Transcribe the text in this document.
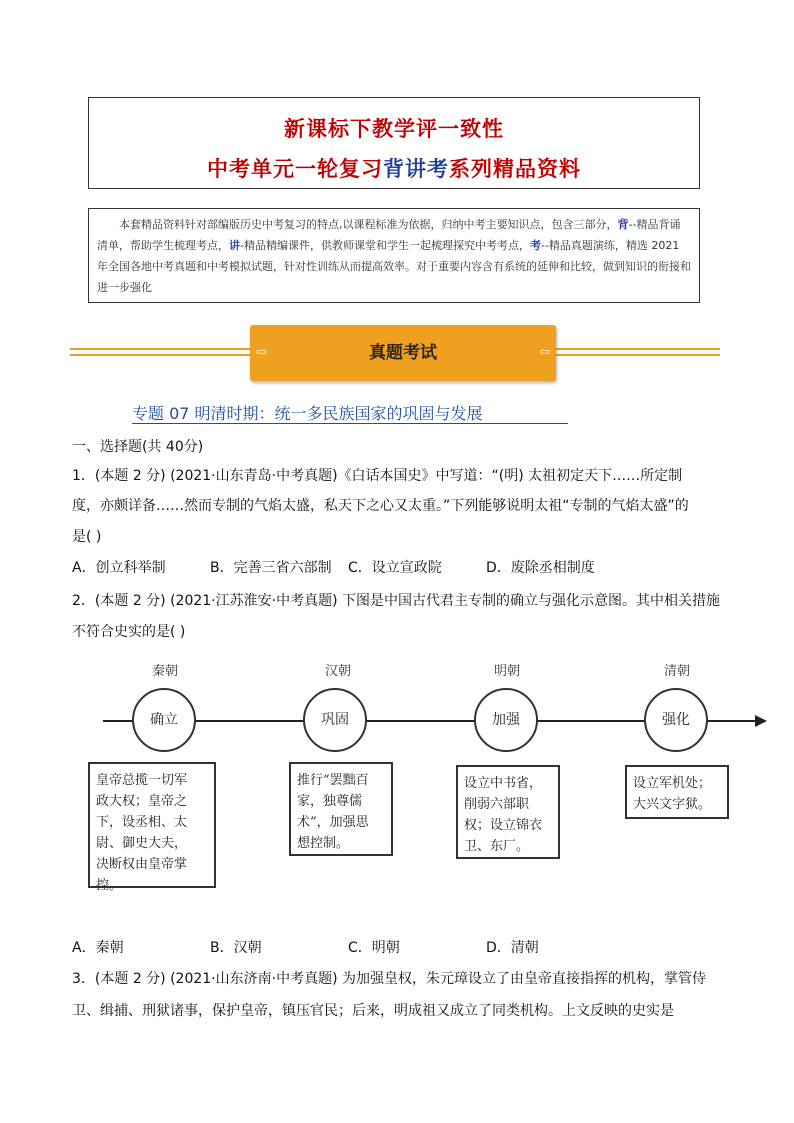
新课标下教学评一致性
中考单元一轮复习背讲考系列精品资料
本套精品资料针对部编版历史中考复习的特点,以课程标准为依据，归纳中考主要知识点，包含三部分，背--精品背诵清单，帮助学生梳理考点，讲-精品精编课件，供教师课堂和学生一起梳理探究中考考点，考--精品真题演练，精选 2021 年全国各地中考真题和中考模拟试题，针对性训练从而提高效率。对于重要内容含有系统的延伸和比较，做到知识的衔接和进一步强化
⇨	真题考试	⇦
专题 07 明清时期：统一多民族国家的巩固与发展
一、选择题(共 40分)
1．(本题 2 分) (2021·山东青岛·中考真题)《白话本国史》中写道：“(明) 太祖初定天下……所定制
度，亦颇详备……然而专制的气焰太盛，私天下之心又太重。”下列能够说明太祖“专制的气焰太盛”的
是( )
A．创立科举制	B．完善三省六部制 C．设立宣政院	D．废除丞相制度
2．(本题 2 分) (2021·江苏淮安·中考真题) 下图是中国古代君主专制的确立与强化示意图。其中相关措施
不符合史实的是( )
秦朝
确立
皇帝总揽一切军
政大权；皇帝之
下，设丞相、太
尉、御史大夫，
决断权由皇帝掌
控。
汉朝
巩固
推行“罢黜百
家，独尊儒
术”，加强思
想控制。
明朝
加强
设立中书省，
削弱六部职
权；设立锦衣
卫、东厂。
清朝
强化
设立军机处；
大兴文字狱。
A．秦朝	B．汉朝	C．明朝	D．清朝
3．(本题 2 分) (2021·山东济南·中考真题) 为加强皇权，朱元璋设立了由皇帝直接指挥的机构，掌管侍
卫、缉捕、刑狱诸事，保护皇帝，镇压官民；后来，明成祖又成立了同类机构。上文反映的史实是
